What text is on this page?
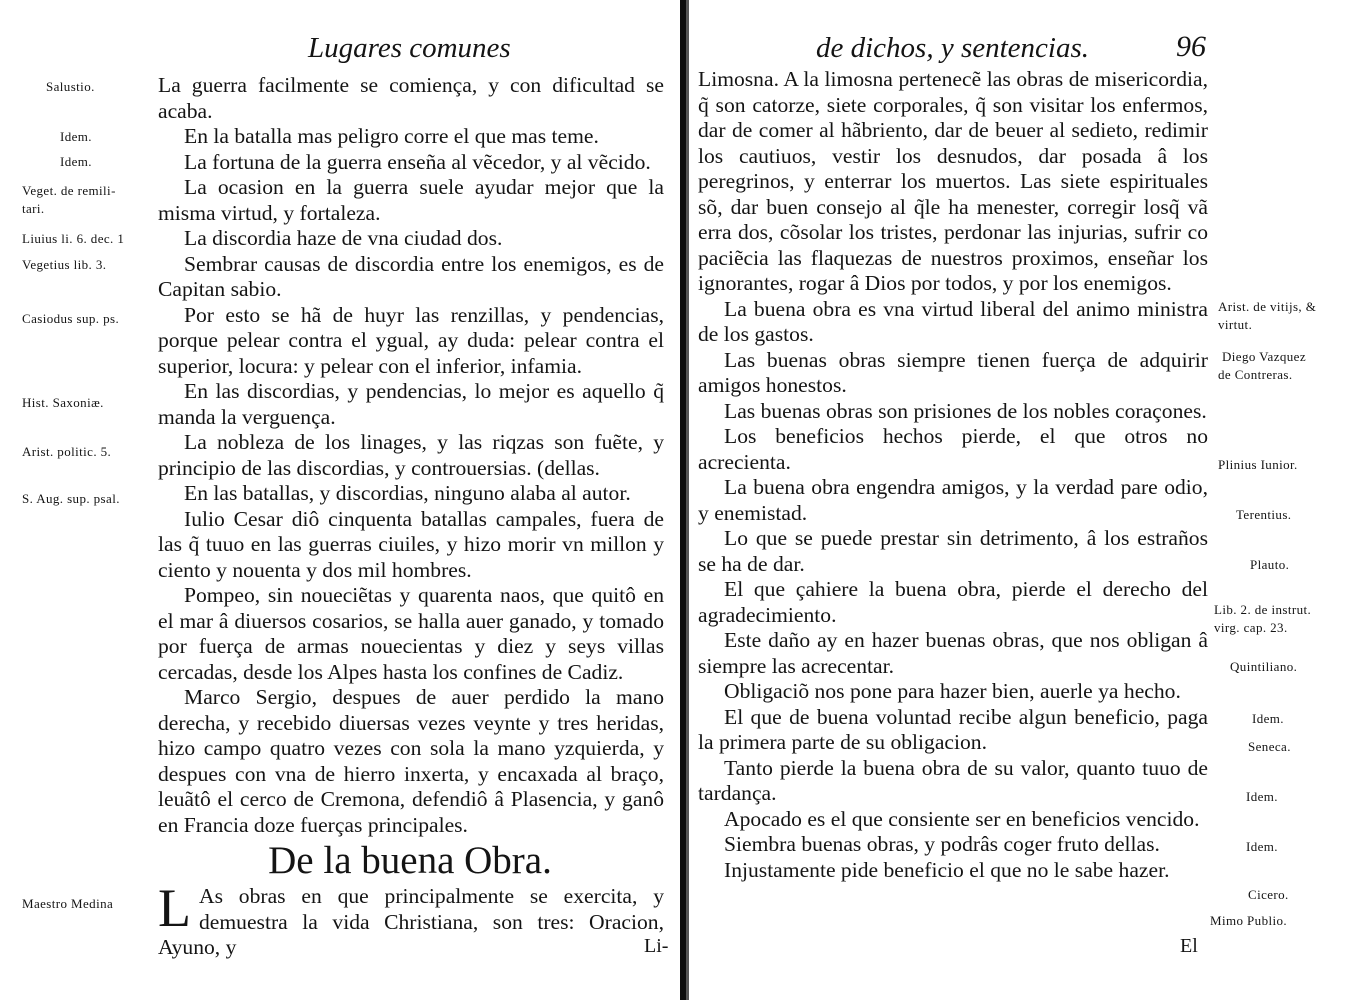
Lugares comunes

La guerra facilmente se comiença, y con dificultad se acaba.

En la batalla mas peligro corre el que mas teme.

La fortuna de la guerra enseña al vẽcedor, y al vẽcido.

La ocasion en la guerra suele ayudar mejor que la misma virtud, y fortaleza.

La discordia haze de vna ciudad dos.

Sembrar causas de discordia entre los enemigos, es de Capitan sabio.

Por esto se hã de huyr las renzillas, y pendencias, porque pelear contra el ygual, ay duda: pelear contra el superior, locura: y pelear con el inferior, infamia.

En las discordias, y pendencias, lo mejor es aquello q̃ manda la verguença.

La nobleza de los linages, y las riqzas son fuẽte, y principio de las discordias, y controuersias. (dellas.

En las batallas, y discordias, ninguno alaba al autor.

Iulio Cesar diô cinquenta batallas campales, fuera de las q̃ tuuo en las guerras ciuiles, y hizo morir vn millon y ciento y nouenta y dos mil hombres.

Pompeo, sin noueciẽtas y quarenta naos, que quitô en el mar â diuersos cosarios, se halla auer ganado, y tomado por fuerça de armas nouecientas y diez y seys villas cercadas, desde los Alpes hasta los confines de Cadiz.

Marco Sergio, despues de auer perdido la mano derecha, y recebido diuersas vezes veynte y tres heridas, hizo campo quatro vezes con sola la mano yzquierda, y despues con vna de hierro inxerta, y encaxada al braço, leuãtô el cerco de Cremona, defendiô â Plasencia, y ganô en Francia doze fuerças principales.

Salustio.
Idem.
Idem.
Veget. de remili-
tari.
Liuius li. 6. dec. 1
Vegetius lib. 3.
Casiodus sup. ps.
Hist. Saxoniæ.
Arist. politic. 5.
S. Aug. sup. psal.
De la buena Obra.
Maestro Medina L As obras en que principalmente se exercita, y demuestra la vida Christiana, son tres: Oracion, Ayuno, y	Li-
de dichos, y sentencias.	96

Limosna. A la limosna pertenecẽ las obras de misericordia, q̃ son catorze, siete corporales, q̃ son visitar los enfermos, dar de comer al hãbriento, dar de beuer al sedieto, redimir los cautiuos, vestir los desnudos, dar posada â los peregrinos, y enterrar los muertos. Las siete espirituales sõ, dar buen consejo al q̃le ha menester, corregir losq̃ vã erra dos, cõsolar los tristes, perdonar las injurias, sufrir co paciẽcia las flaquezas de nuestros proximos, enseñar los ignorantes, rogar â Dios por todos, y por los enemigos.

La buena obra es vna virtud liberal del animo ministra de los gastos.

Las buenas obras siempre tienen fuerça de adquirir amigos honestos.

Las buenas obras son prisiones de los nobles coraçones.

Los beneficios hechos pierde, el que otros no acrecienta.

La buena obra engendra amigos, y la verdad pare odio, y enemistad.

Lo que se puede prestar sin detrimento, â los estraños se ha de dar.

El que çahiere la buena obra, pierde el derecho del agradecimiento.

Este daño ay en hazer buenas obras, que nos obligan â siempre las acrecentar.

Obligaciõ nos pone para hazer bien, auerle ya hecho.

El que de buena voluntad recibe algun beneficio, paga la primera parte de su obligacion.

Tanto pierde la buena obra de su valor, quanto tuuo de tardança.

Apocado es el que consiente ser en beneficios vencido.

Siembra buenas obras, y podrâs coger fruto dellas.

Injustamente pide beneficio el que no le sabe hazer.

Arist. de vitijs, &
virtut.
Diego Vazquez
de Contreras.
Plinius Iunior.
Terentius.
Plauto.
Lib. 2. de instrut.
virg. cap. 23.
Quintiliano.
Idem.
Seneca.
Idem.
Idem.
Cicero.
Mimo Publio.
El
